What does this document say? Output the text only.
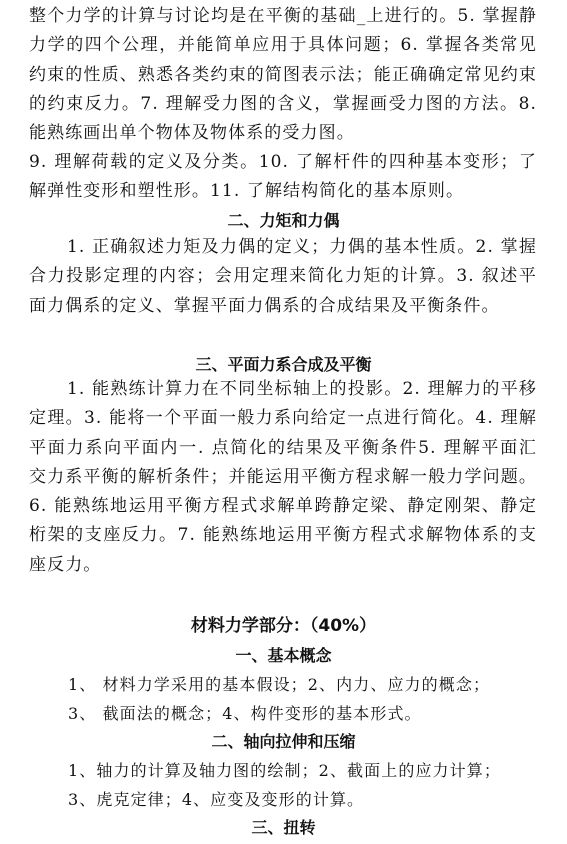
整个力学的计算与讨论均是在平衡的基础_上进行的。5. 掌握静力学的四个公理，并能简单应用于具体问题；6. 掌握各类常见约束的性质、熟悉各类约束的简图表示法；能正确确定常见约束的约束反力。7. 理解受力图的含义，掌握画受力图的方法。8. 能熟练画出单个物体及物体系的受力图。

9. 理解荷载的定义及分类。10. 了解杆件的四种基本变形；了解弹性变形和塑性形。11. 了解结构简化的基本原则。

二、力矩和力偶

1. 正确叙述力矩及力偶的定义；力偶的基本性质。2. 掌握合力投影定理的内容；会用定理来简化力矩的计算。3. 叙述平面力偶系的定义、掌握平面力偶系的合成结果及平衡条件。

三、平面力系合成及平衡

1. 能熟练计算力在不同坐标轴上的投影。2. 理解力的平移定理。3. 能将一个平面一般力系向给定一点进行简化。4. 理解平面力系向平面内一. 点简化的结果及平衡条件5. 理解平面汇交力系平衡的解析条件；并能运用平衡方程求解一般力学问题。6. 能熟练地运用平衡方程式求解单跨静定梁、静定刚架、静定桁架的支座反力。7. 能熟练地运用平衡方程式求解物体系的支座反力。

材料力学部分：（40%）
一、基本概念

1、 材料力学采用的基本假设；2、内力、应力的概念；

3、 截面法的概念；4、构件变形的基本形式。

二、轴向拉伸和压缩

1、轴力的计算及轴力图的绘制；2、截面上的应力计算；

3、虎克定律；4、应变及变形的计算。

三、扭转
